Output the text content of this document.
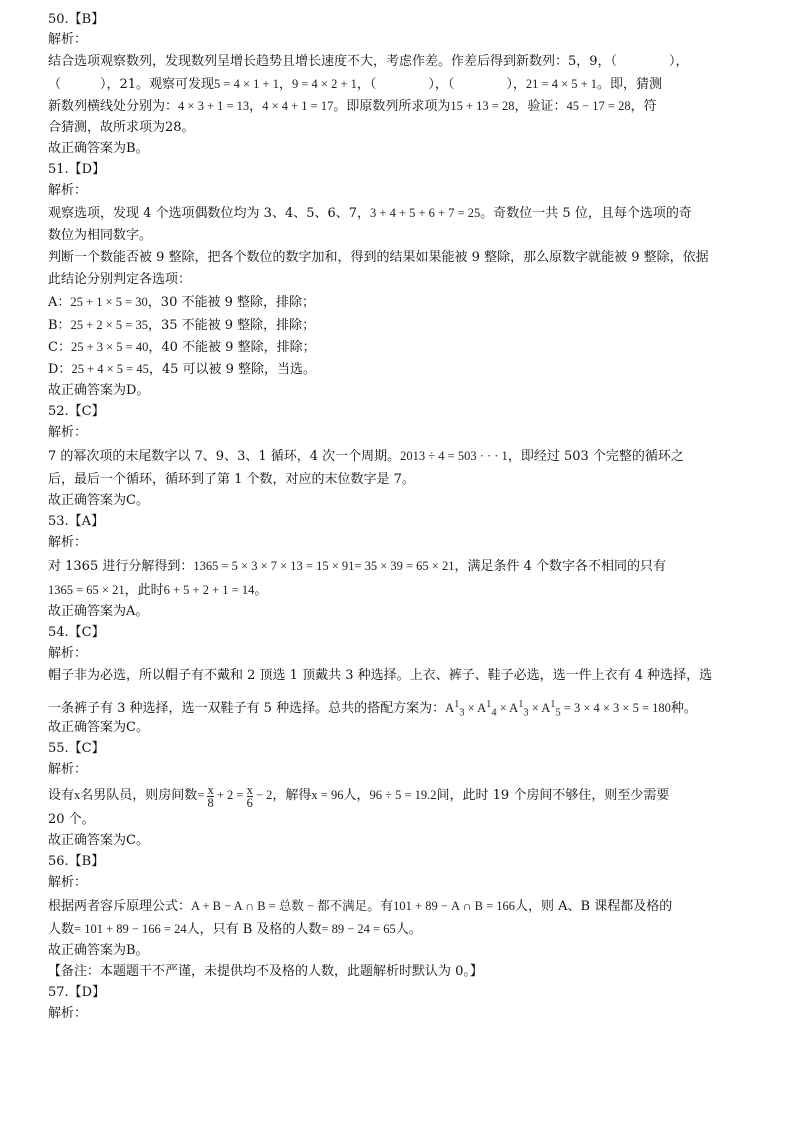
50.【B】
解析：
结合选项观察数列，发现数列呈增长趋势且增长速度不大，考虑作差。作差后得到新数列：5，9，（　　　　），
（　　　），21。观察可发现5 = 4 × 1 + 1，9 = 4 × 2 + 1，（　　　　），（　　　　），21 = 4 × 5 + 1。即，猜测
新数列横线处分别为：4 × 3 + 1 = 13，4 × 4 + 1 = 17。即原数列所求项为15 + 13 = 28，验证：45 − 17 = 28，符
合猜测，故所求项为28。
故正确答案为B。
51.【D】
解析：
观察选项，发现 4 个选项偶数位均为 3、4、5、6、7，3 + 4 + 5 + 6 + 7 = 25。奇数位一共 5 位，且每个选项的奇
数位为相同数字。
判断一个数能否被 9 整除，把各个数位的数字加和，得到的结果如果能被 9 整除，那么原数字就能被 9 整除，依据
此结论分别判定各选项：
A：25 + 1 × 5 = 30，30 不能被 9 整除，排除；
B：25 + 2 × 5 = 35，35 不能被 9 整除，排除；
C：25 + 3 × 5 = 40，40 不能被 9 整除，排除；
D：25 + 4 × 5 = 45，45 可以被 9 整除，当选。
故正确答案为D。
52.【C】
解析：
7 的幂次项的末尾数字以 7、9、3、1 循环，4 次一个周期。2013 ÷ 4 = 503 · · · 1，即经过 503 个完整的循环之
后，最后一个循环，循环到了第 1 个数，对应的末位数字是 7。
故正确答案为C。
53.【A】
解析：
对 1365 进行分解得到：1365 = 5 × 3 × 7 × 13 = 15 × 91= 35 × 39 = 65 × 21，满足条件 4 个数字各不相同的只有
1365 = 65 × 21，此时6 + 5 + 2 + 1 = 14。
故正确答案为A。
54.【C】
解析：
帽子非为必选，所以帽子有不戴和 2 顶选 1 顶戴共 3 种选择。上衣、裤子、鞋子必选，选一件上衣有 4 种选择，选
一条裤子有 3 种选择，选一双鞋子有 5 种选择。总共的搭配方案为：$A^1_3 \times A^1_4 \times A^1_3 \times A^1_5 = 3 \times 4 \times 3 \times 5 = 180$种。
故正确答案为C。
55.【C】
解析：
设有x名男队员，则房间数= $\frac{x}{8} + 2 = \frac{x}{6} - 2$，解得x = 96人，96 ÷ 5 = 19.2间，此时 19 个房间不够住，则至少需要
20 个。
故正确答案为C。
56.【B】
解析：
根据两者容斥原理公式：A + B − A ∩ B = 总数 − 都不满足。有101 + 89 − A ∩ B = 166人，则 A、B 课程都及格的
人数= 101 + 89 − 166 = 24人，只有 B 及格的人数= 89 − 24 = 65人。
故正确答案为B。
【备注：本题题干不严谨，未提供均不及格的人数，此题解析时默认为 0。】
57.【D】
解析：
